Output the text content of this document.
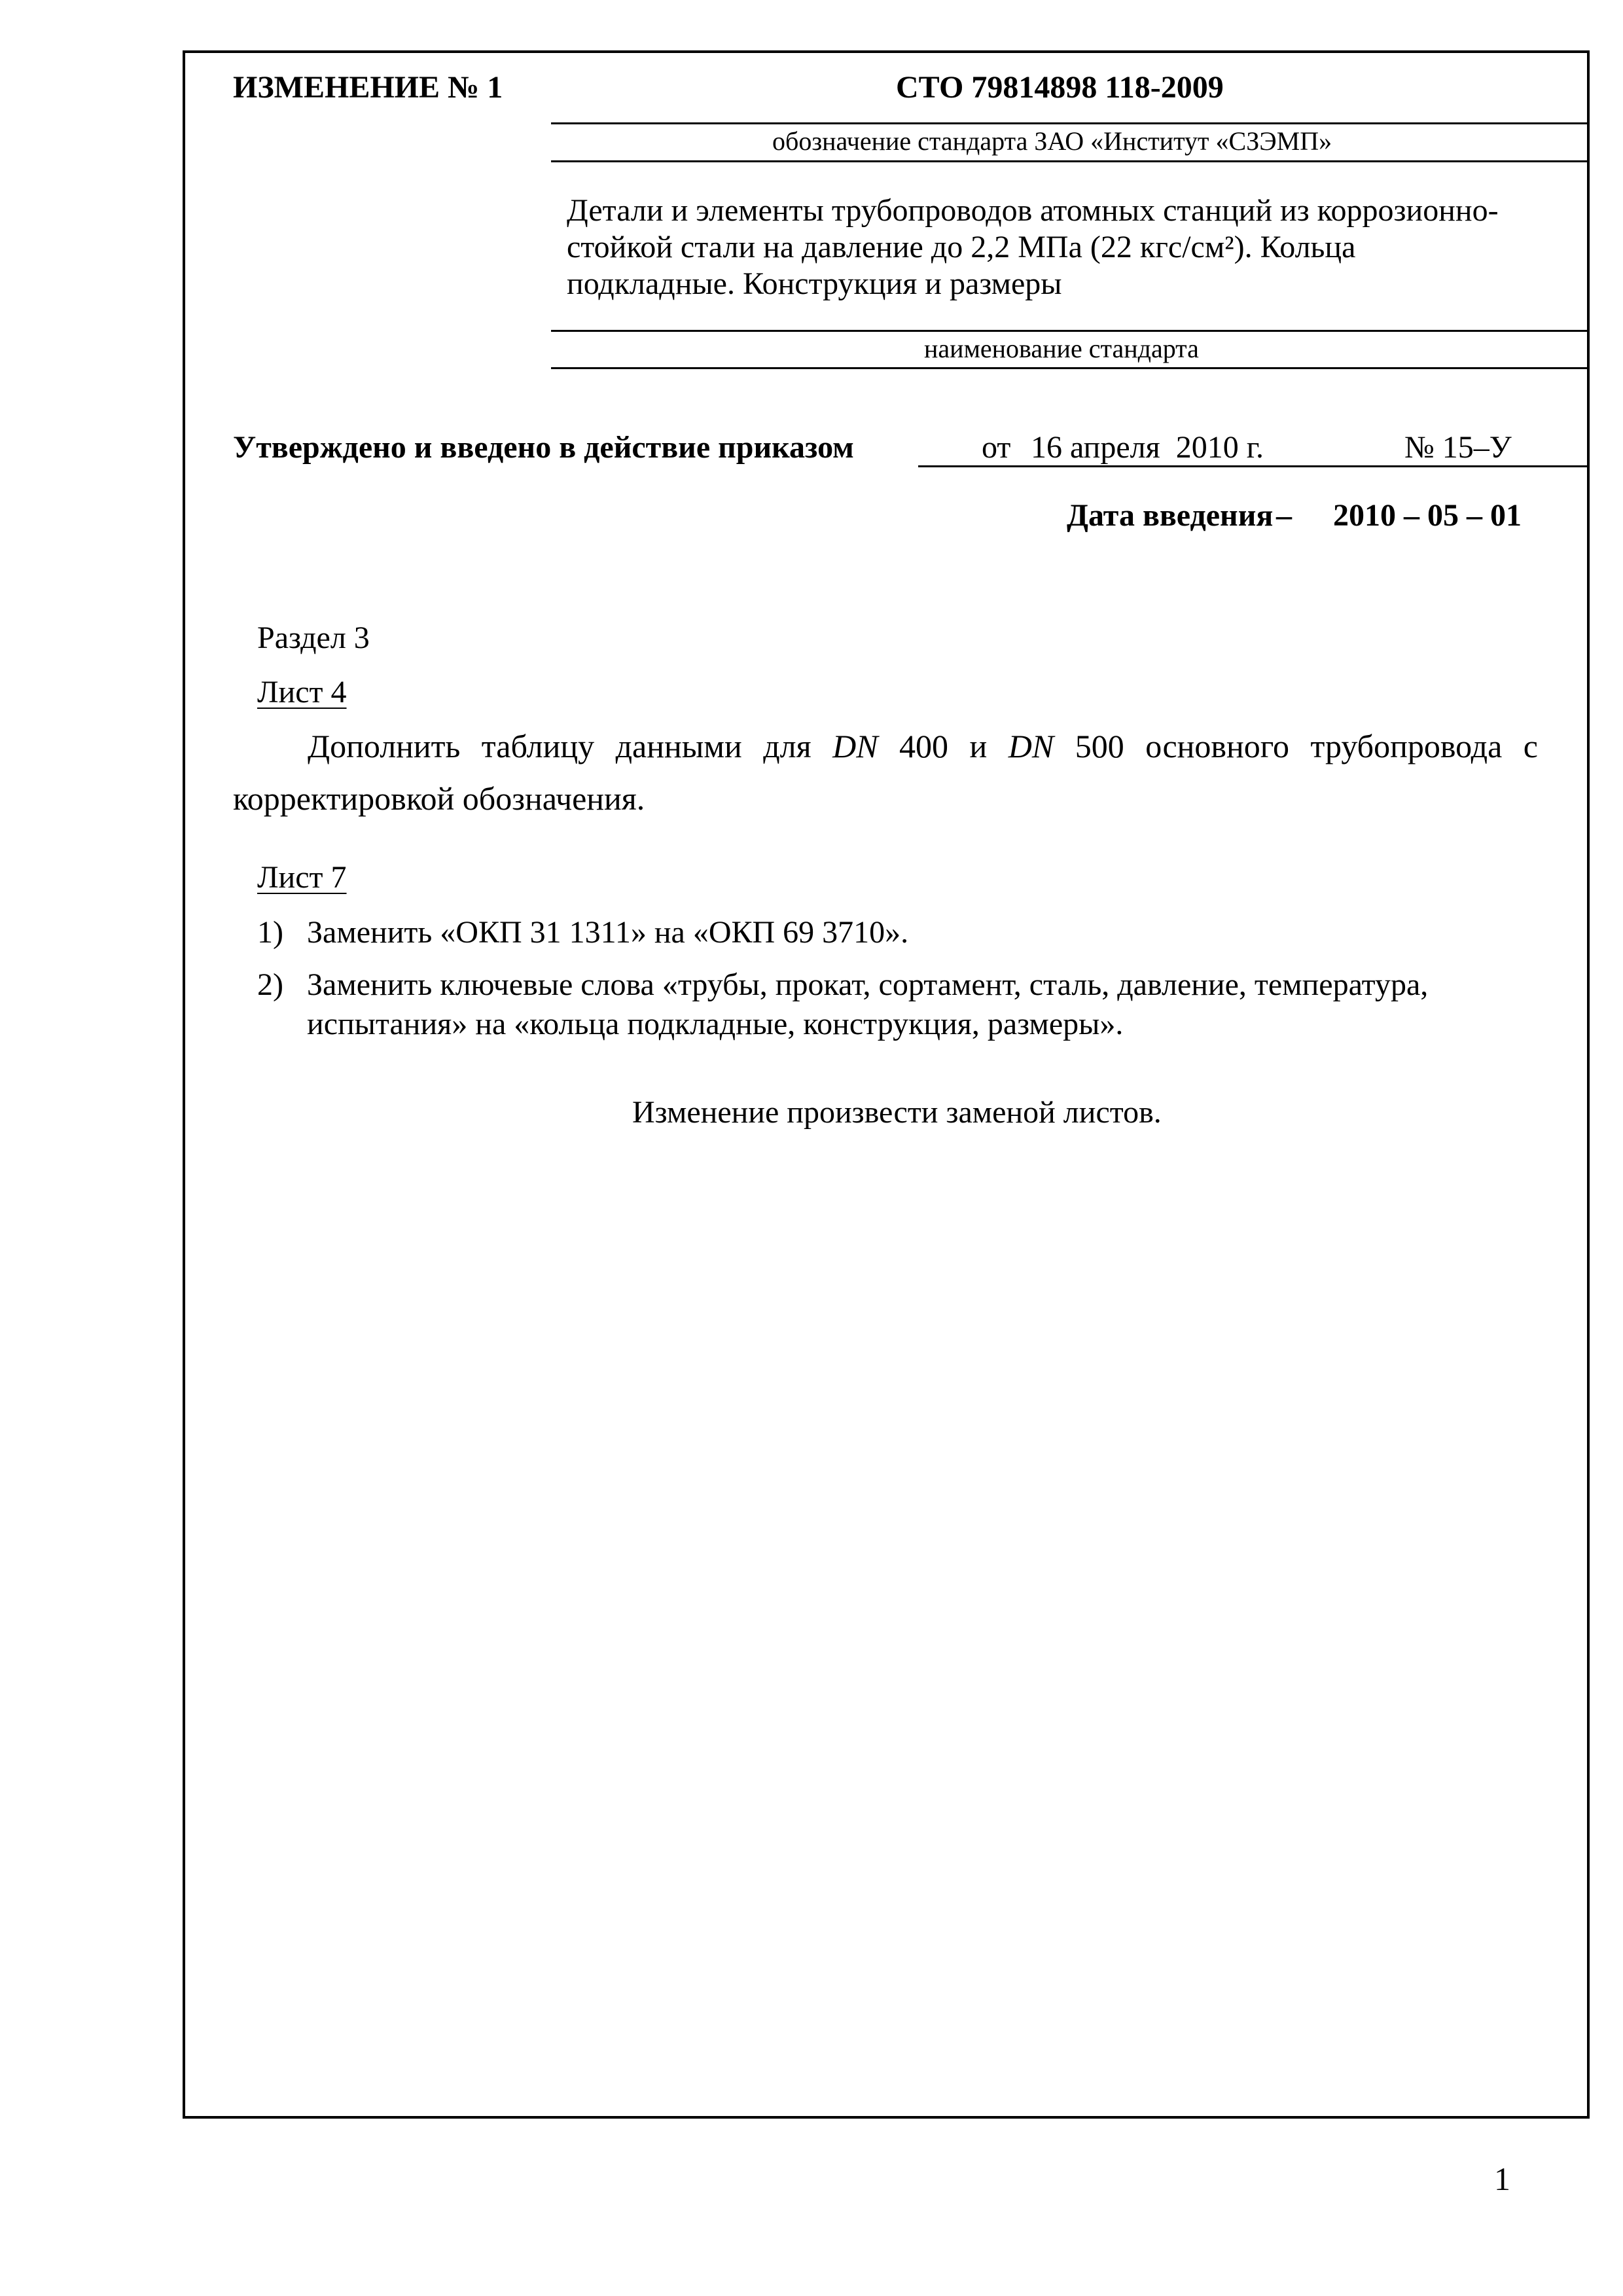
ИЗМЕНЕНИЕ № 1	СТО 79814898 118-2009
обозначение стандарта ЗАО «Институт «СЗЭМП»
Детали и элементы трубопроводов атомных станций из коррозионно-
стойкой стали на давление до 2,2 МПа (22 кгс/см²). Кольца
подкладные. Конструкция и размеры
наименование стандарта
Утверждено и введено в действие приказом	от 16 апреля  2010 г.	№ 15–У
Дата введения – 2010 – 05 – 01
Раздел 3
Лист 4
Дополнить таблицу данными для DN 400 и DN 500 основного трубопровода с корректировкой обозначения.
Лист 7
1) Заменить «ОКП 31 1311» на «ОКП 69 3710».
2) Заменить ключевые слова «трубы, прокат, сортамент, сталь, давление, температура,
испытания» на «кольца подкладные, конструкция, размеры».
Изменение произвести заменой листов.
1
